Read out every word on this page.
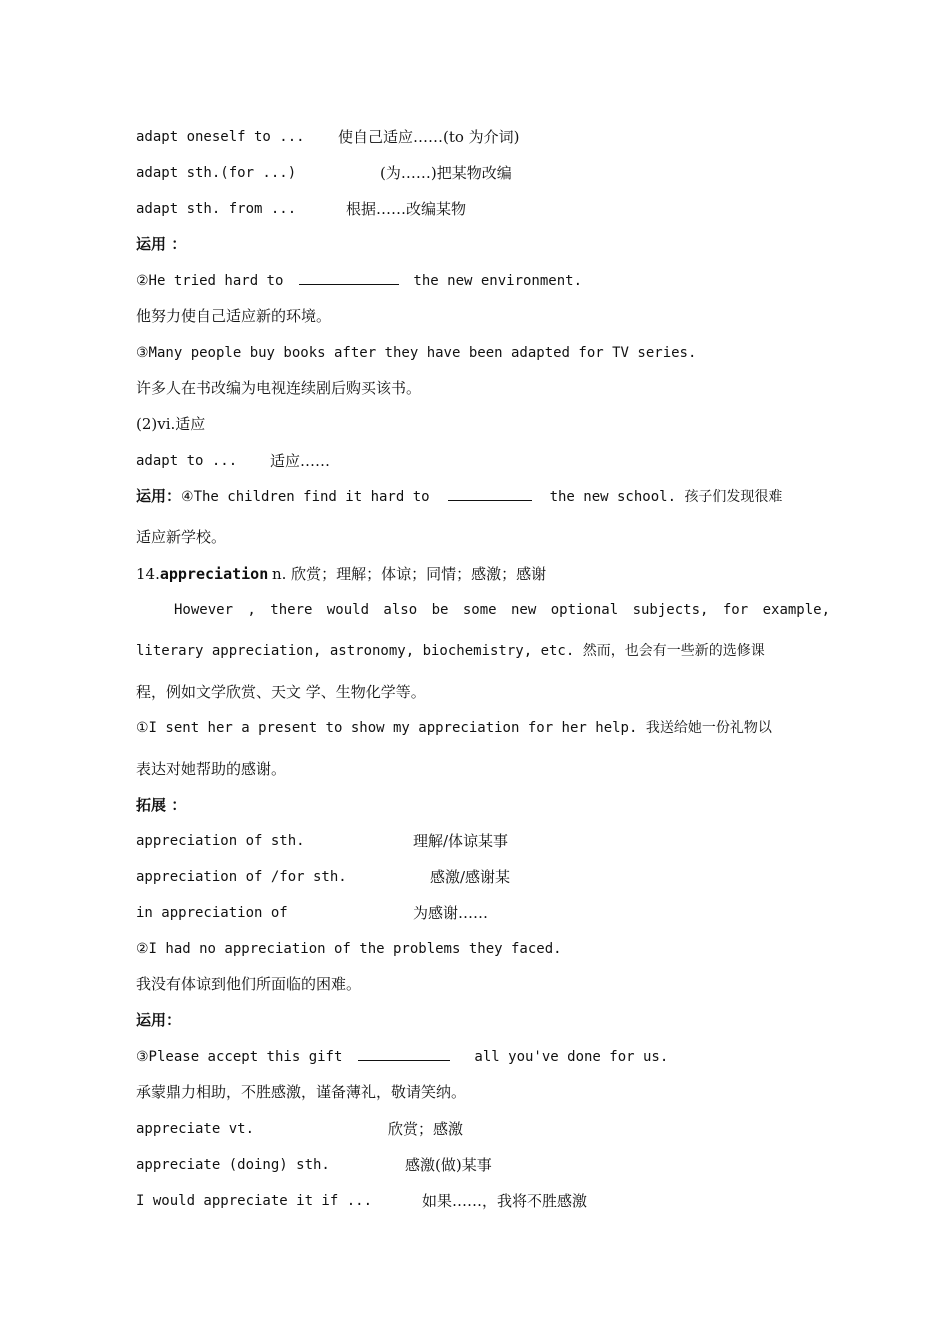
adapt oneself to ... 使自己适应……(to 为介词)
adapt sth.(for ...)	(为……)把某物改编
adapt sth. from ...	根据……改编某物
运用 ：
②He tried hard to	the new environment.
他努力使自己适应新的环境。
③Many people buy books after they have been adapted for TV series.
许多人在书改编为电视连续剧后购买该书。
(2)vi.适应
adapt to ... 适应……
运用：④The children find it hard to	the new school. 孩子们发现很难
适应新学校。
14.appreciation n. 欣赏；理解；体谅；同情；感激；感谢
However , there would also be some new optional subjects, for example,
literary appreciation, astronomy, biochemistry, etc. 然而，也会有一些新的选修课
程，例如文学欣赏、天文 学、生物化学等。
①I sent her a present to show my appreciation for her help. 我送给她一份礼物以
表达对她帮助的感谢。
拓展 ：
appreciation of sth.	理解/体谅某事
appreciation of /for sth.	感激/感谢某
in appreciation of	为感谢……
②I had no appreciation of the problems they faced.
我没有体谅到他们所面临的困难。
运用：
③Please accept this gift	all you've done for us.
承蒙鼎力相助，不胜感激，谨备薄礼，敬请笑纳。
appreciate vt.	欣赏；感激
appreciate (doing) sth.	感激(做)某事
I would appreciate it if ...	如果……，我将不胜感激
